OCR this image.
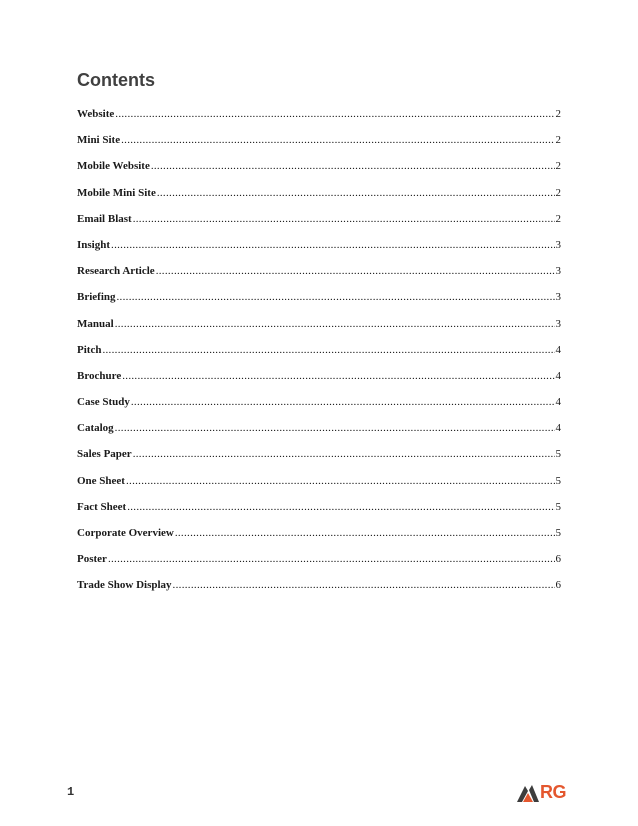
Contents
Website .....	2
Mini Site .....	2
Mobile Website .....	2
Mobile Mini Site .....	2
Email Blast .....	2
Insight .....	3
Research Article .....	3
Briefing .....	3
Manual .....	3
Pitch .....	4
Brochure .....	4
Case Study .....	4
Catalog .....	4
Sales Paper .....	5
One Sheet .....	5
Fact Sheet .....	5
Corporate Overview .....	5
Poster .....	6
Trade Show Display .....	6
1	RG
